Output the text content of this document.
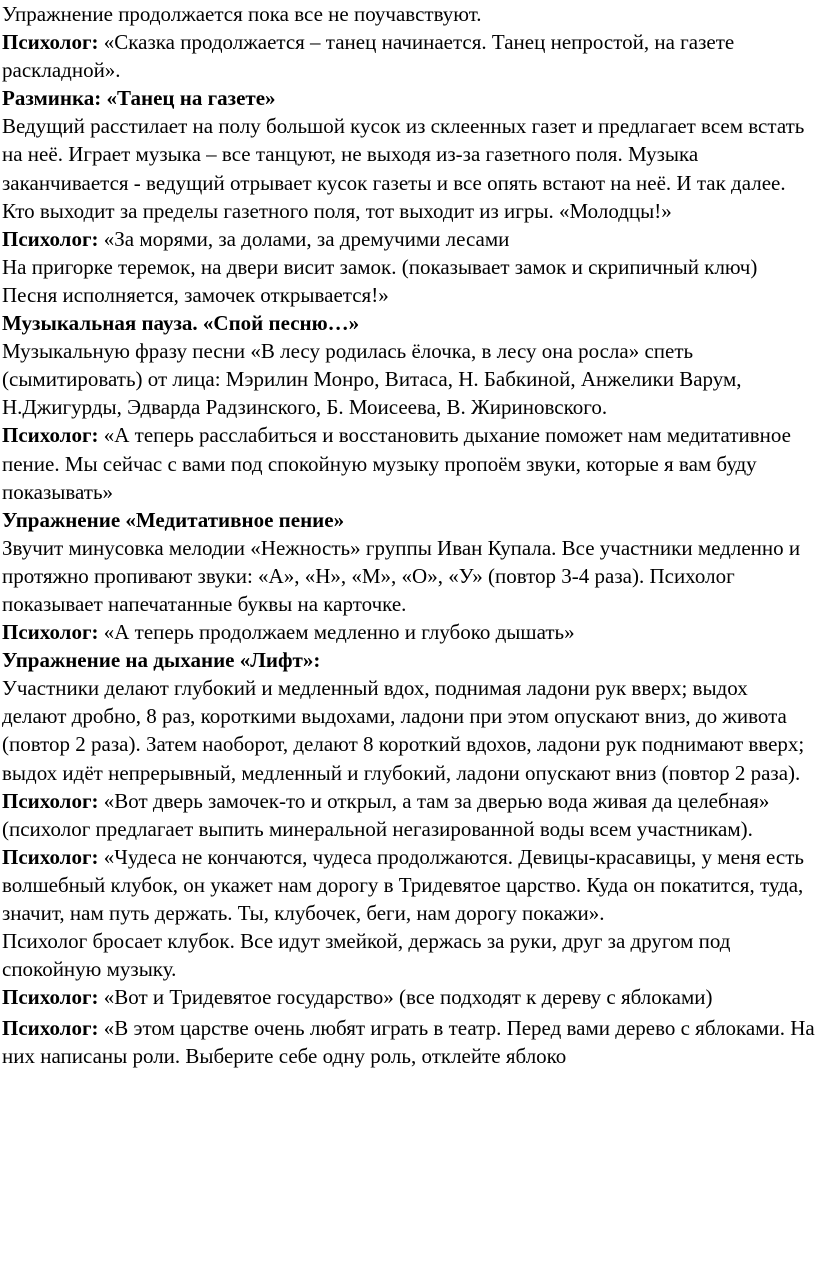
Упражнение продолжается пока все не поучавствуют.

Психолог: «Сказка продолжается – танец начинается. Танец непростой, на газете раскладной».

Разминка: «Танец на газете»

Ведущий расстилает на полу большой кусок из склеенных газет и предлагает всем встать на неё. Играет музыка – все танцуют, не выходя из-за газетного поля. Музыка заканчивается - ведущий отрывает кусок газеты и все опять встают на неё. И так далее. Кто выходит за пределы газетного поля, тот выходит из игры. «Молодцы!»

Психолог: «За морями, за долами, за дремучими лесами

На пригорке теремок, на двери висит замок. (показывает замок и скрипичный ключ)

Песня исполняется, замочек открывается!»

Музыкальная пауза. «Спой песню…»

Музыкальную фразу песни «В лесу родилась ёлочка, в лесу она росла» спеть (сымитировать) от лица: Мэрилин Монро, Витаса, Н. Бабкиной, Анжелики Варум, Н.Джигурды, Эдварда Радзинского, Б. Моисеева, В. Жириновского.

Психолог: «А теперь расслабиться и восстановить дыхание поможет нам медитативное пение. Мы сейчас с вами под спокойную музыку пропоём звуки, которые я вам буду показывать»

Упражнение «Медитативное пение»

Звучит минусовка мелодии «Нежность» группы Иван Купала. Все участники медленно и протяжно пропивают звуки: «А», «Н», «М», «О», «У» (повтор 3-4 раза). Психолог показывает напечатанные буквы на карточке.

Психолог: «А теперь продолжаем медленно и глубоко дышать»

Упражнение на дыхание «Лифт»:

Участники делают глубокий и медленный вдох, поднимая ладони рук вверх; выдох делают дробно, 8 раз, короткими выдохами, ладони при этом опускают вниз, до живота (повтор 2 раза). Затем наоборот, делают 8 короткий вдохов, ладони рук поднимают вверх; выдох идёт непрерывный, медленный и глубокий, ладони опускают вниз (повтор 2 раза).

Психолог: «Вот дверь замочек-то и открыл, а там за дверью вода живая да целебная» (психолог предлагает выпить минеральной негазированной воды всем участникам).

Психолог: «Чудеса не кончаются, чудеса продолжаются. Девицы-красавицы, у меня есть волшебный клубок, он укажет нам дорогу в Тридевятое царство. Куда он покатится, туда, значит, нам путь держать. Ты, клубочек, беги, нам дорогу покажи».

Психолог бросает клубок. Все идут змейкой, держась за руки, друг за другом под спокойную музыку.

Психолог: «Вот и Тридевятое государство» (все подходят к дереву с яблоками)

Психолог: «В этом царстве очень любят играть в театр. Перед вами дерево с яблоками. На них написаны роли. Выберите себе одну роль, отклейте яблоко
